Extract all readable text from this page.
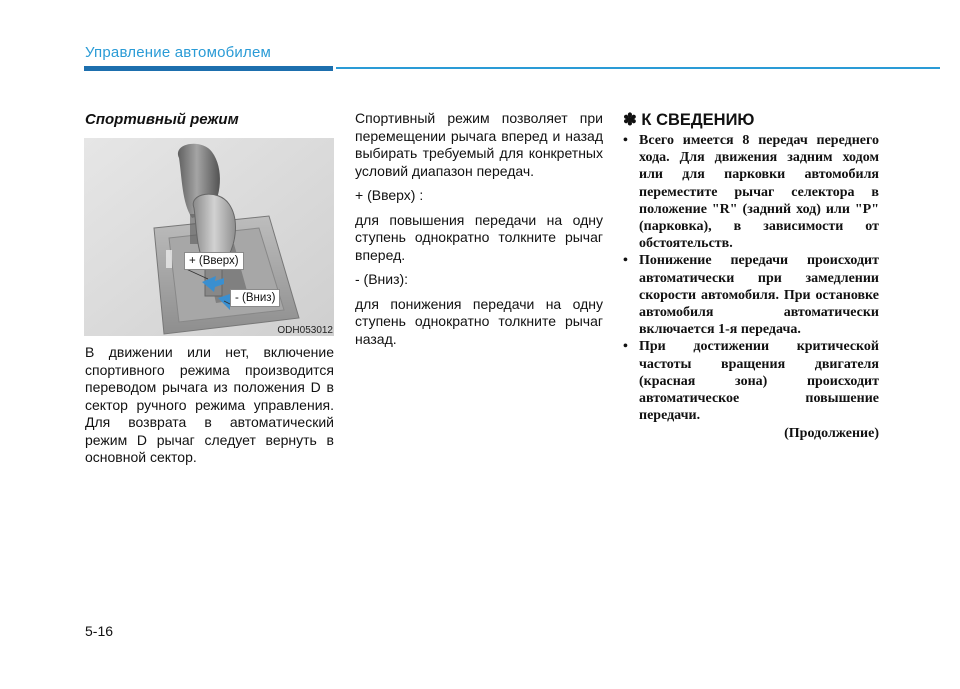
Управление автомобилем
Спортивный режим
+ (Вверх)
- (Вниз)
ODH053012

В движении или нет, включение спортивного режима производится переводом рычага из положения D в сектор ручного режима управления. Для возврата в автоматический режим D рычаг следует вернуть в основной сектор.

Спортивный режим позволяет при перемещении рычага вперед и назад выбирать требуемый для конкретных условий диапазон передач.

+ (Вверх) :

для повышения передачи на одну ступень однократно толкните рычаг вперед.

- (Вниз):

для понижения передачи на одну ступень однократно толкните рычаг назад.

✽ К СВЕДЕНИЮ
• Всего имеется 8 передач переднего хода. Для движения задним ходом или для парковки автомобиля переместите рычаг селектора в положение "R" (задний ход) или "P" (парковка), в зависимости от обстоятельств.
• Понижение передачи происходит автоматически при замедлении скорости автомобиля. При остановке автомобиля автоматически включается 1-я передача.
• При достижении критической частоты вращения двигателя (красная зона) происходит автоматическое повышение передачи.
(Продолжение)
5-16
